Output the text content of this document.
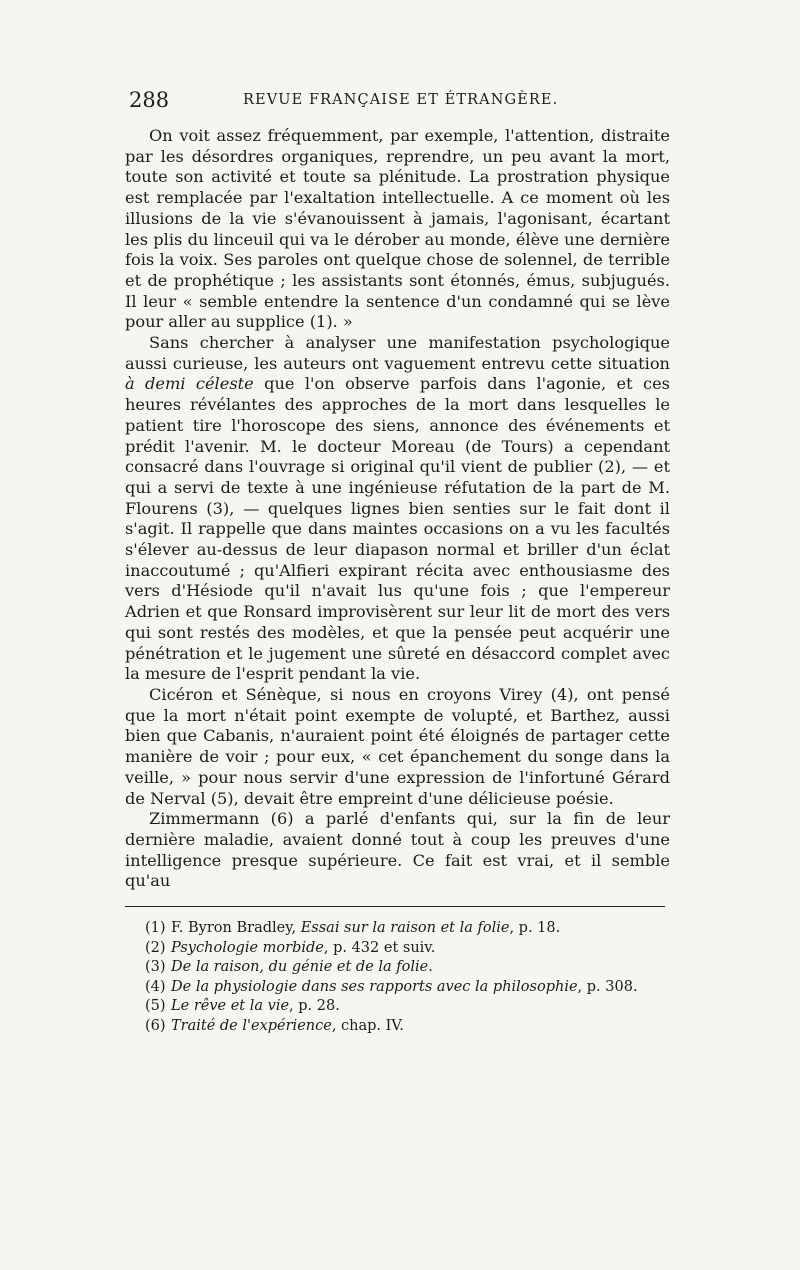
288	REVUE FRANÇAISE ET ÉTRANGÈRE.

On voit assez fréquemment, par exemple, l'attention, distraite par les désordres organiques, reprendre, un peu avant la mort, toute son activité et toute sa plénitude. La prostration physique est remplacée par l'exaltation intellectuelle. A ce moment où les illusions de la vie s'évanouissent à jamais, l'agonisant, écartant les plis du linceuil qui va le dérober au monde, élève une dernière fois la voix. Ses paroles ont quelque chose de solennel, de terrible et de prophétique ; les assistants sont étonnés, émus, subjugués. Il leur « semble entendre la sentence d'un condamné qui se lève pour aller au supplice (1). »

Sans chercher à analyser une manifestation psychologique aussi curieuse, les auteurs ont vaguement entrevu cette situation à demi céleste que l'on observe parfois dans l'agonie, et ces heures révélantes des approches de la mort dans lesquelles le patient tire l'horoscope des siens, annonce des événements et prédit l'avenir. M. le docteur Moreau (de Tours) a cependant consacré dans l'ouvrage si original qu'il vient de publier (2), — et qui a servi de texte à une ingénieuse réfutation de la part de M. Flourens (3), — quelques lignes bien senties sur le fait dont il s'agit. Il rappelle que dans maintes occasions on a vu les facultés s'élever au-dessus de leur diapason normal et briller d'un éclat inaccoutumé ; qu'Alfieri expirant récita avec enthousiasme des vers d'Hésiode qu'il n'avait lus qu'une fois ; que l'empereur Adrien et que Ronsard improvisèrent sur leur lit de mort des vers qui sont restés des modèles, et que la pensée peut acquérir une pénétration et le jugement une sûreté en désaccord complet avec la mesure de l'esprit pendant la vie.

Cicéron et Sénèque, si nous en croyons Virey (4), ont pensé que la mort n'était point exempte de volupté, et Barthez, aussi bien que Cabanis, n'auraient point été éloignés de partager cette manière de voir ; pour eux, « cet épanchement du songe dans la veille, » pour nous servir d'une expression de l'infortuné Gérard de Nerval (5), devait être empreint d'une délicieuse poésie.

Zimmermann (6) a parlé d'enfants qui, sur la fin de leur dernière maladie, avaient donné tout à coup les preuves d'une intelligence presque supérieure. Ce fait est vrai, et il semble qu'au

(1) F. Byron Bradley, Essai sur la raison et la folie, p. 18.
(2) Psychologie morbide, p. 432 et suiv.
(3) De la raison, du génie et de la folie.
(4) De la physiologie dans ses rapports avec la philosophie, p. 308.
(5) Le rêve et la vie, p. 28.
(6) Traité de l'expérience, chap. IV.
